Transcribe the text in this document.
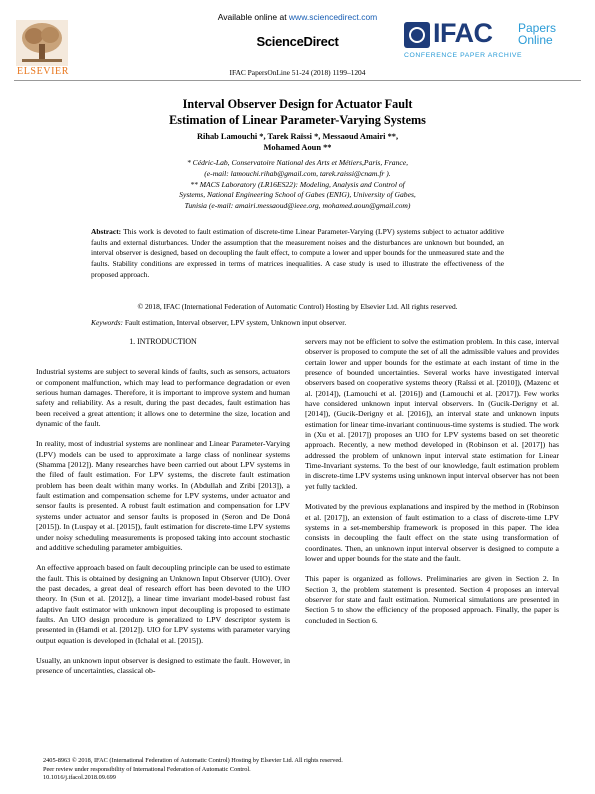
Available online at www.sciencedirect.com
ScienceDirect
IFAC PapersOnLine 51-24 (2018) 1199–1204
ELSEVIER
IFAC Papers
Online
CONFERENCE PAPER ARCHIVE
Interval Observer Design for Actuator Fault
Estimation of Linear Parameter-Varying Systems
Rihab Lamouchi *, Tarek Raïssi *, Messaoud Amairi **,
Mohamed Aoun **
* Cédric-Lab, Conservatoire National des Arts et Métiers,Paris, France,
(e-mail: lamouchi.rihab@gmail.com, tarek.raissi@cnam.fr ).
** MACS Laboratory (LR16ES22): Modeling, Analysis and Control of
Systems, National Engineering School of Gabes (ENIG), University of Gabes,
Tunisia (e-mail: amairi.messaoud@ieee.org, mohamed.aoun@gmail.com)
Abstract: This work is devoted to fault estimation of discrete-time Linear Parameter-Varying (LPV) systems subject to actuator additive faults and external disturbances. Under the assumption that the measurement noises and the disturbances are unknown but bounded, an interval observer is designed, based on decoupling the fault effect, to compute a lower and upper bounds for the unmeasured state and the faults. Stability conditions are expressed in terms of matrices inequalities. A case study is used to illustrate the effectiveness of the proposed approach.
© 2018, IFAC (International Federation of Automatic Control) Hosting by Elsevier Ltd. All rights reserved.
Keywords: Fault estimation, Interval observer, LPV system, Unknown input observer.
1. INTRODUCTION

Industrial systems are subject to several kinds of faults, such as sensors, actuators or component malfunction, which may lead to performance degradation or even serious human damages. Therefore, it is important to improve system and human safety and reliability. As a result, during the past decades, fault estimation has been received a great attention; it allows one to determine the size, location and dynamic of the fault.

In reality, most of industrial systems are nonlinear and Linear Parameter-Varying (LPV) models can be used to approximate a large class of nonlinear systems (Shamma [2012]). Many researches have been carried out about LPV systems in the filed of fault estimation. For LPV systems, the discrete fault estimation problem has been dealt within many works. In (Abdullah and Zribi [2013]), a fault estimation and compensation scheme for LPV systems, under actuator and sensor faults is presented. A robust fault estimation and compensation for LPV systems under actuator and sensor faults is proposed in (Seron and De Doná [2015]). In (Luspay et al. [2015]), fault estimation for discrete-time LPV systems under noisy scheduling measurements is proposed taking into account stochastic and additive scheduling parameter ambiguities.

An effective approach based on fault decoupling principle can be used to estimate the fault. This is obtained by designing an Unknown Input Observer (UIO). Over the past decades, a great deal of research effort has been devoted to the UIO theory. In (Sun et al. [2012]), a linear time invariant model-based robust fast adaptive fault estimator with unknown input decoupling is proposed to estimate faults. An UIO design procedure is generalized to LPV descriptor system is presented in (Hamdi et al. [2012]). UIO for LPV systems with parameter varying output equation is developed in (Ichalal et al. [2015]).

Usually, an unknown input observer is designed to estimate the fault. However, in presence of uncertainties, classical ob-

servers may not be efficient to solve the estimation problem. In this case, interval observer is proposed to compute the set of all the admissible values and provides certain lower and upper bounds for the estimate at each instant of time in the presence of bounded uncertainties. Several works have investigated interval observers based on cooperative systems theory (Raïssi et al. [2010]), (Mazenc et al. [2014]), (Lamouchi et al. [2016]) and (Lamouchi et al. [2017]). Few works have considered unknown input interval observers. In (Gucik-Derigny et al. [2014]), (Gucik-Derigny et al. [2016]), an interval state and unknown inputs estimation for linear time-invariant continuous-time systems is studied. The work in (Xu et al. [2017]) proposes an UIO for LPV systems based on set theoretic approach. Recently, a new method developed in (Robinson et al. [2017]) has addressed the problem of unknown input interval state estimation for Linear Time-Invariant systems. To the best of our knowledge, fault estimation problem in discrete-time LPV systems using unknown input interval observer has not been yet fully tackled.

Motivated by the previous explanations and inspired by the method in (Robinson et al. [2017]), an extension of fault estimation to a class of discrete-time LPV systems in a set-membership framework is proposed in this paper. The idea consists in decoupling the fault effect on the state using transformation of coordinates. Then, an unknown input interval observer is designed to compute a lower and upper bounds for the state and the fault.

This paper is organized as follows. Preliminaries are given in Section 2. In Section 3, the problem statement is presented. Section 4 proposes an interval observer for state and fault estimation. Numerical simulations are presented in Section 5 to show the efficiency of the proposed approach. Finally, the paper is concluded in Section 6.

2405-8963 © 2018, IFAC (International Federation of Automatic Control) Hosting by Elsevier Ltd. All rights reserved.
Peer review under responsibility of International Federation of Automatic Control.
10.1016/j.ifacol.2018.09.699
